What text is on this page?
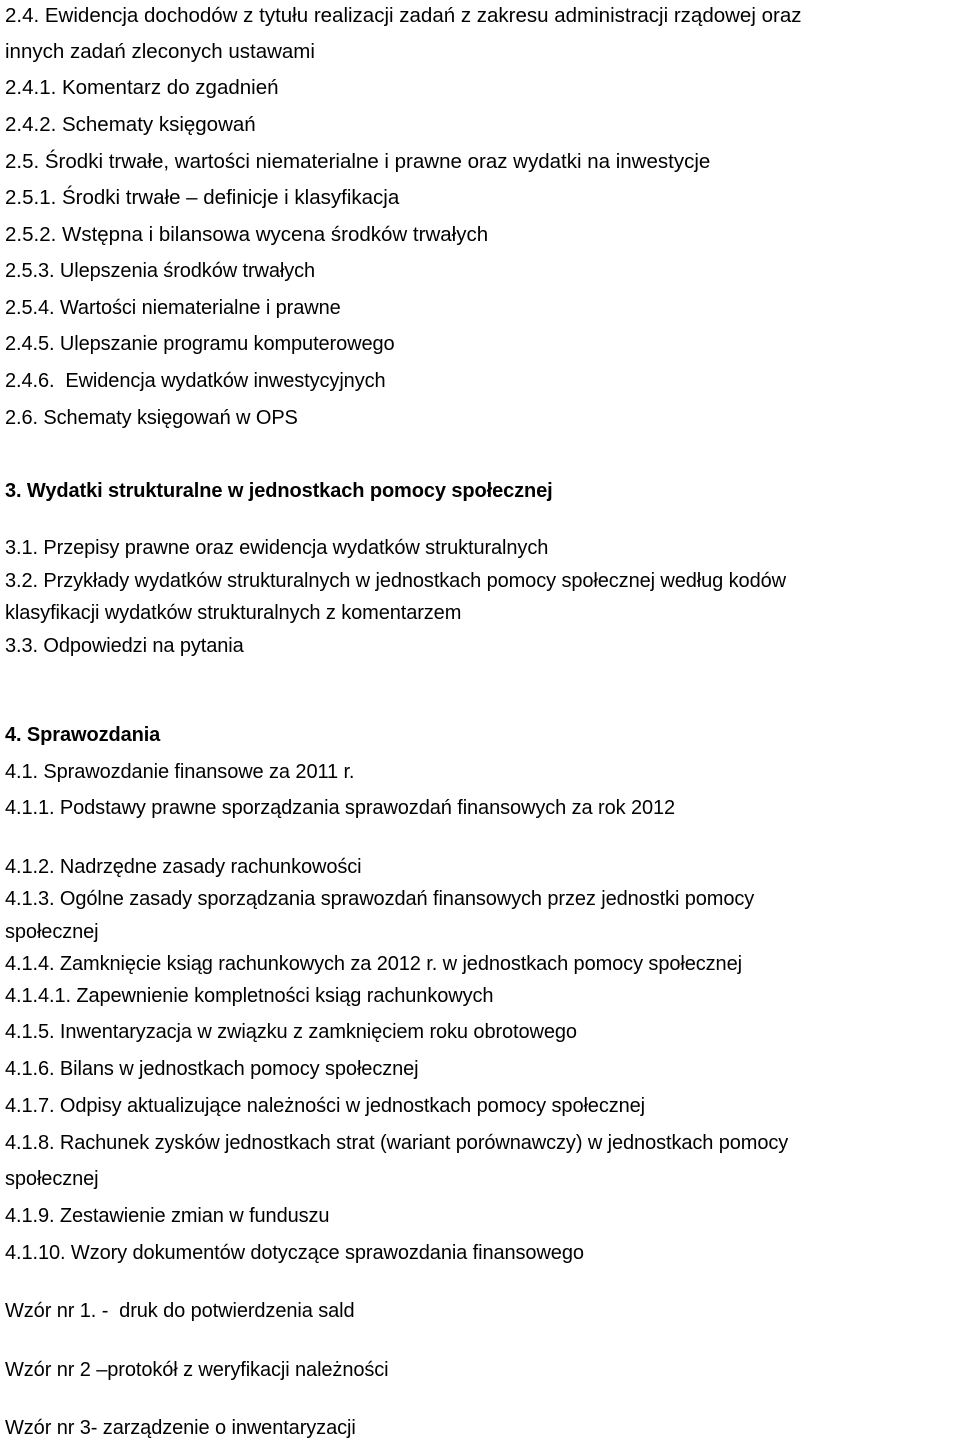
2.4. Ewidencja dochodów z tytułu realizacji zadań z zakresu administracji rządowej oraz
innych zadań zleconych ustawami
2.4.1. Komentarz do zgadnień
2.4.2. Schematy księgowań
2.5. Środki trwałe, wartości niematerialne i prawne oraz wydatki na inwestycje
2.5.1. Środki trwałe – definicje i klasyfikacja
2.5.2. Wstępna i bilansowa wycena środków trwałych
2.5.3. Ulepszenia środków trwałych
2.5.4. Wartości niematerialne i prawne
2.4.5. Ulepszanie programu komputerowego
2.4.6.  Ewidencja wydatków inwestycyjnych
2.6. Schematy księgowań w OPS
3. Wydatki strukturalne w jednostkach pomocy społecznej
3.1. Przepisy prawne oraz ewidencja wydatków strukturalnych
3.2. Przykłady wydatków strukturalnych w jednostkach pomocy społecznej według kodów
klasyfikacji wydatków strukturalnych z komentarzem
3.3. Odpowiedzi na pytania
4. Sprawozdania
4.1. Sprawozdanie finansowe za 2011 r.
4.1.1. Podstawy prawne sporządzania sprawozdań finansowych za rok 2012
4.1.2. Nadrzędne zasady rachunkowości
4.1.3. Ogólne zasady sporządzania sprawozdań finansowych przez jednostki pomocy
społecznej
4.1.4. Zamknięcie ksiąg rachunkowych za 2012 r. w jednostkach pomocy społecznej
4.1.4.1. Zapewnienie kompletności ksiąg rachunkowych
4.1.5. Inwentaryzacja w związku z zamknięciem roku obrotowego
4.1.6. Bilans w jednostkach pomocy społecznej
4.1.7. Odpisy aktualizujące należności w jednostkach pomocy społecznej
4.1.8. Rachunek zysków jednostkach strat (wariant porównawczy) w jednostkach pomocy
społecznej
4.1.9. Zestawienie zmian w funduszu
4.1.10. Wzory dokumentów dotyczące sprawozdania finansowego
Wzór nr 1. -  druk do potwierdzenia sald
Wzór nr 2 –protokół z weryfikacji należności
Wzór nr 3- zarządzenie o inwentaryzacji
